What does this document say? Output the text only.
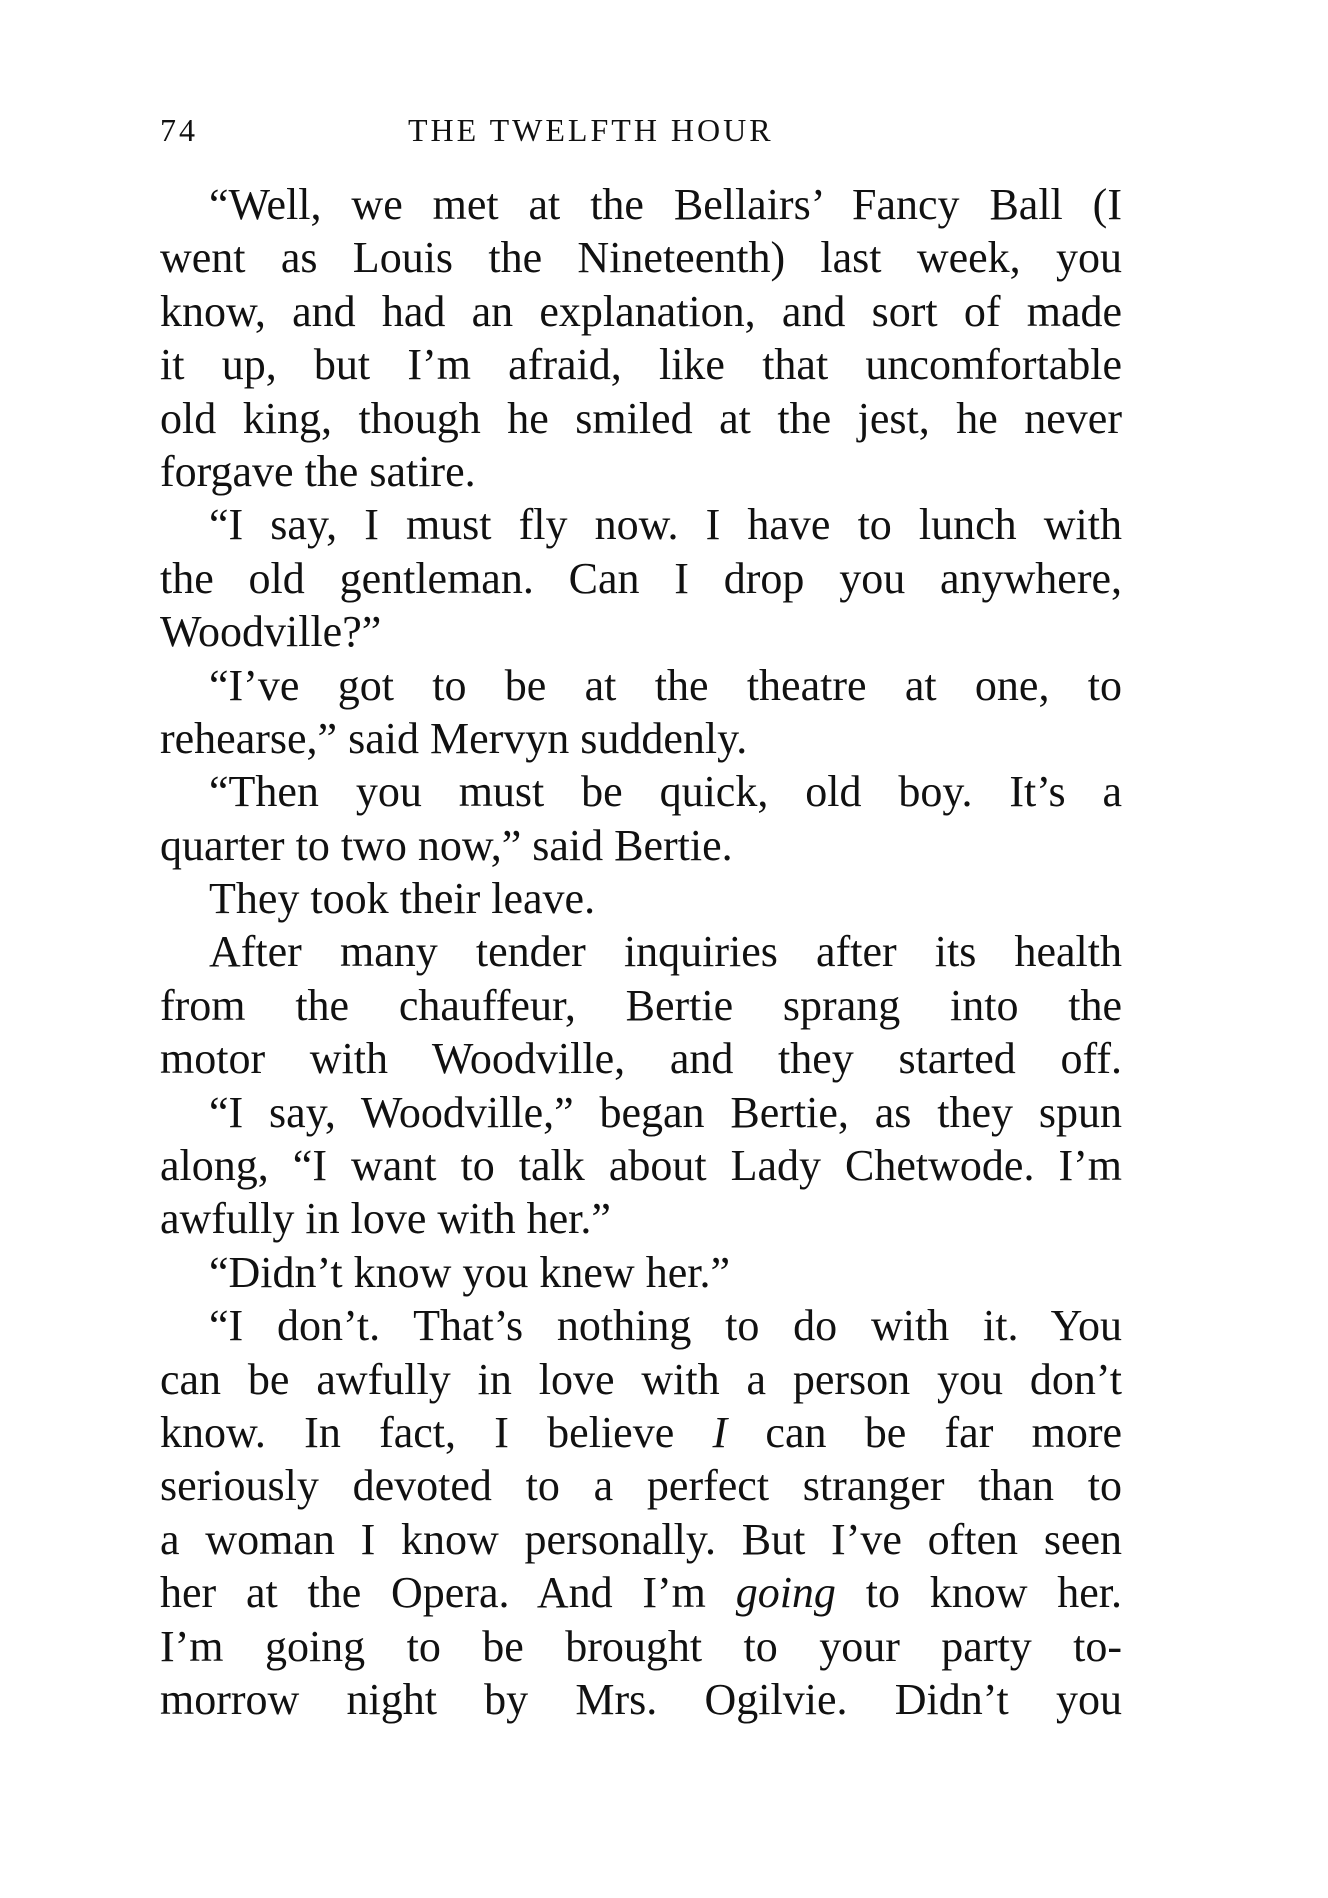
74	THE TWELFTH HOUR
“Well, we met at the Bellairs’ Fancy Ball (I
went as Louis the Nineteenth) last week, you
know, and had an explanation, and sort of made
it up, but I’m afraid, like that uncomfortable
old king, though he smiled at the jest, he never
forgave the satire.
“I say, I must fly now. I have to lunch with
the old gentleman. Can I drop you anywhere,
Woodville?”
“I’ve got to be at the theatre at one, to
rehearse,” said Mervyn suddenly.
“Then you must be quick, old boy. It’s a
quarter to two now,” said Bertie.
They took their leave.
After many tender inquiries after its health
from the chauffeur, Bertie sprang into the
motor with Woodville, and they started off.
“I say, Woodville,” began Bertie, as they spun
along, “I want to talk about Lady Chetwode. I’m
awfully in love with her.”
“Didn’t know you knew her.”
“I don’t. That’s nothing to do with it. You
can be awfully in love with a person you don’t
know. In fact, I believe I can be far more
seriously devoted to a perfect stranger than to
a woman I know personally. But I’ve often seen
her at the Opera. And I’m going to know her.
I’m going to be brought to your party to-
morrow night by Mrs. Ogilvie. Didn’t you
